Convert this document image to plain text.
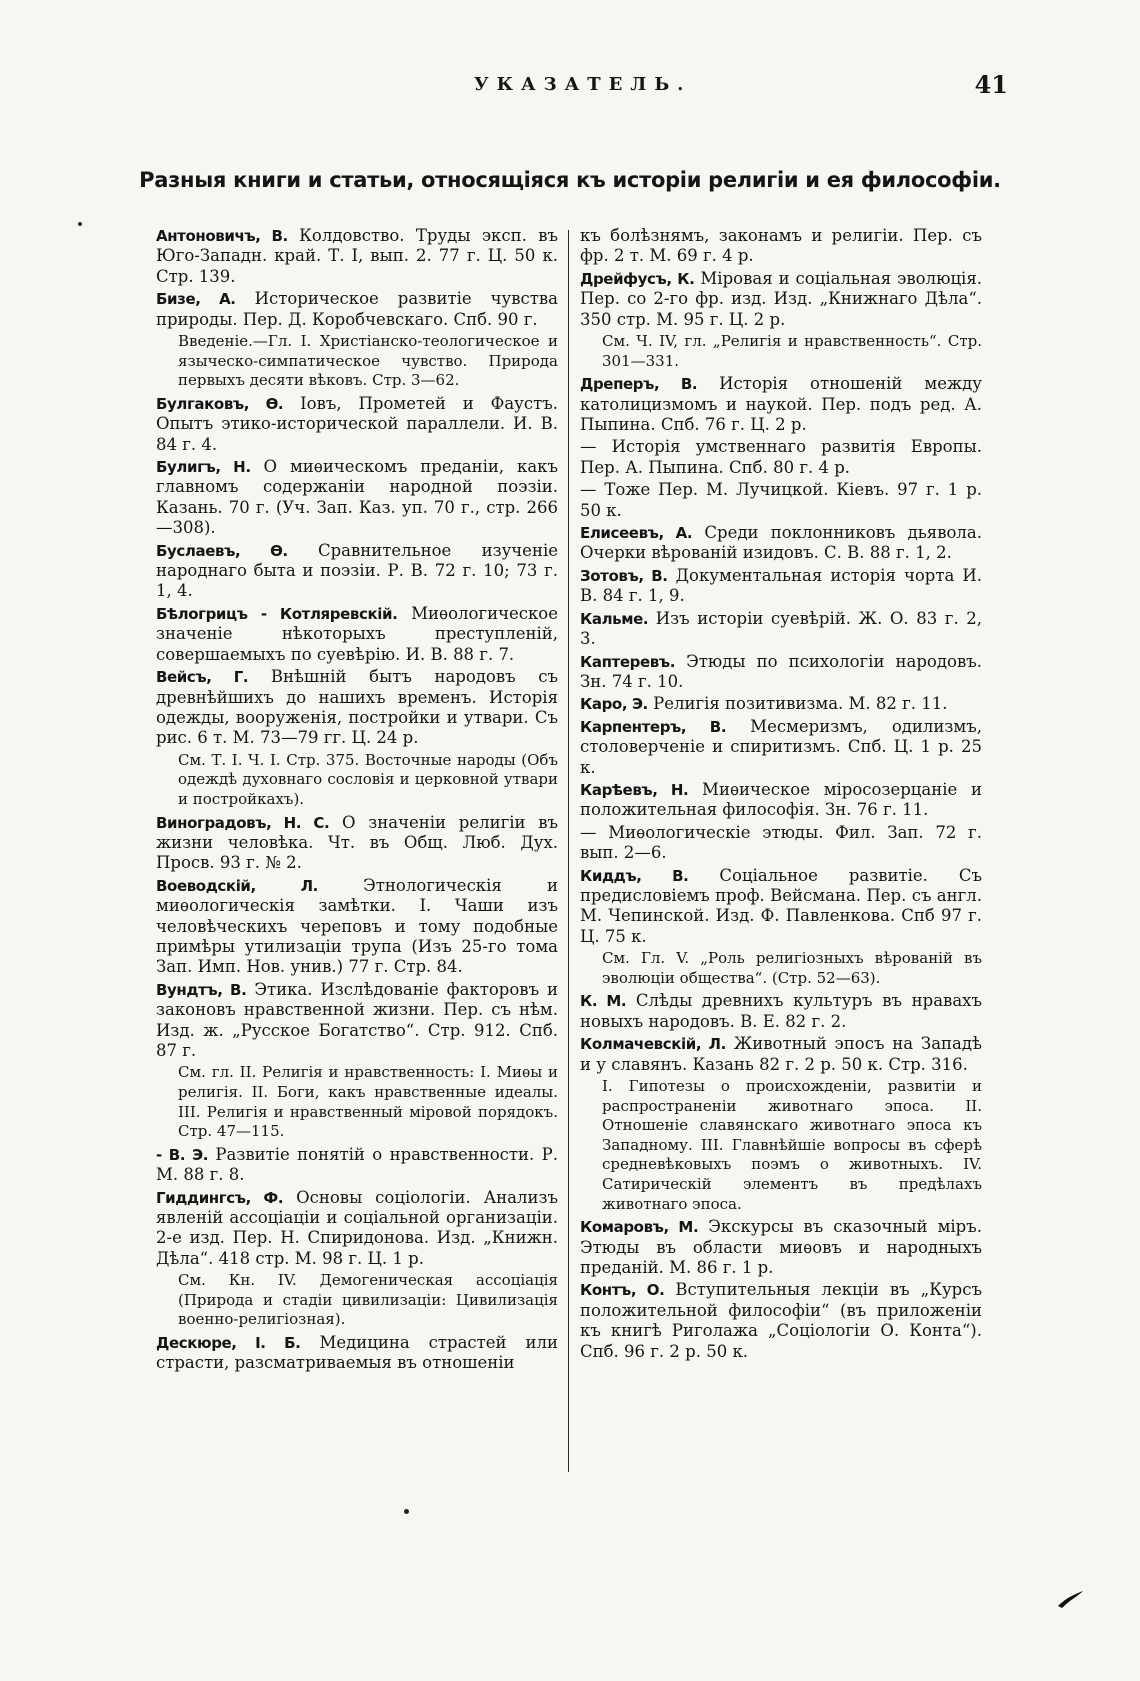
УКАЗАТЕЛЬ.	41
Разныя книги и статьи, относящіяся къ исторіи религіи и ея философіи.
Антоновичъ, В. Колдовство. Труды эксп. въ Юго-Западн. край. Т. I, вып. 2. 77 г. Ц. 50 к. Стр. 139.
Бизе, А. Историческое развитіе чувства природы. Пер. Д. Коробчевскаго. Спб. 90 г.
Введеніе.—Гл. I. Христіанско-теологическое и языческо-симпатическое чувство. Природа первыхъ десяти вѣковъ. Стр. 3—62.
Булгаковъ, Ѳ. Іовъ, Прометей и Фаустъ. Опытъ этико-исторической параллели. И. В. 84 г. 4.
Булигъ, Н. О миѳическомъ преданіи, какъ главномъ содержаніи народной поэзіи. Казань. 70 г. (Уч. Зап. Каз. уп. 70 г., стр. 266—308).
Буслаевъ, Ѳ. Сравнительное изученіе народнаго быта и поэзіи. Р. В. 72 г. 10; 73 г. 1, 4.
Бѣлогрицъ - Котляревскій. Миѳологическое значеніе нѣкоторыхъ преступленій, совершаемыхъ по суевѣрію. И. В. 88 г. 7.
Вейсъ, Г. Внѣшній бытъ народовъ съ древнѣйшихъ до нашихъ временъ. Исторія одежды, вооруженія, постройки и утвари. Съ рис. 6 т. М. 73—79 гг. Ц. 24 р.
См. Т. I. Ч. I. Стр. 375. Восточные народы (Объ одеждѣ духовнаго сословія и церковной утвари и постройкахъ).
Виноградовъ, Н. С. О значеніи религіи въ жизни человѣка. Чт. въ Общ. Люб. Дух. Просв. 93 г. № 2.
Воеводскій, Л. Этнологическія и миѳологическія замѣтки. I. Чаши изъ человѣческихъ череповъ и тому подобные примѣры утилизаціи трупа (Изъ 25-го тома Зап. Имп. Нов. унив.) 77 г. Стр. 84.
Вундтъ, В. Этика. Изслѣдованіе факторовъ и законовъ нравственной жизни. Пер. съ нѣм. Изд. ж. „Русское Богатство“. Стр. 912. Спб. 87 г.
См. гл. II. Религія и нравственность: I. Миѳы и религія. II. Боги, какъ нравственные идеалы. III. Религія и нравственный міровой порядокъ. Стр. 47—115.
- В. Э. Развитіе понятій о нравственности. Р. М. 88 г. 8.
Гиддингсъ, Ф. Основы соціологіи. Анализъ явленій ассоціаціи и соціальной организаціи. 2-е изд. Пер. Н. Спиридонова. Изд. „Книжн. Дѣла“. 418 стр. М. 98 г. Ц. 1 р.
См. Кн. IV. Демогеническая ассоціація (Природа и стадіи цивилизаціи: Цивилизація военно-религіозная).
Дескюре, І. Б. Медицина страстей или страсти, разсматриваемыя въ отношеніи
къ болѣзнямъ, законамъ и религіи. Пер. съ фр. 2 т. М. 69 г. 4 р.
Дрейфусъ, К. Міровая и соціальная эволюція. Пер. со 2-го фр. изд. Изд. „Книжнаго Дѣла“. 350 стр. М. 95 г. Ц. 2 р.
См. Ч. IV, гл. „Религія и нравственность“. Стр. 301—331.
Дреперъ, В. Исторія отношеній между католицизмомъ и наукой. Пер. подъ ред. А. Пыпина. Спб. 76 г. Ц. 2 р.
— Исторія умственнаго развитія Европы. Пер. А. Пыпина. Спб. 80 г. 4 р.
— Тоже Пер. М. Лучицкой. Кіевъ. 97 г. 1 р. 50 к.
Елисеевъ, А. Среди поклонниковъ дьявола. Очерки вѣрованій изидовъ. С. В. 88 г. 1, 2.
Зотовъ, В. Документальная исторія чорта И. В. 84 г. 1, 9.
Кальме. Изъ исторіи суевѣрій. Ж. О. 83 г. 2, 3.
Каптеревъ. Этюды по психологіи народовъ. Зн. 74 г. 10.
Каро, Э. Религія позитивизма. М. 82 г. 11.
Карпентеръ, В. Месмеризмъ, одилизмъ, столоверченіе и спиритизмъ. Спб. Ц. 1 р. 25 к.
Карѣевъ, Н. Миѳическое міросозерцаніе и положительная философія. Зн. 76 г. 11.
— Миѳологическіе этюды. Фил. Зап. 72 г. вып. 2—6.
Киддъ, В. Соціальное развитіе. Съ предисловіемъ проф. Вейсмана. Пер. съ англ. М. Чепинской. Изд. Ф. Павленкова. Спб 97 г. Ц. 75 к.
См. Гл. V. „Роль религіозныхъ вѣрованій въ эволюціи общества“. (Стр. 52—63).
К. М. Слѣды древнихъ культуръ въ нравахъ новыхъ народовъ. В. Е. 82 г. 2.
Колмачевскій, Л. Животный эпосъ на Западѣ и у славянъ. Казань 82 г. 2 р. 50 к. Стр. 316.
I. Гипотезы о происхожденіи, развитіи и распространеніи животнаго эпоса. II. Отношеніе славянскаго животнаго эпоса къ Западному. III. Главнѣйшіе вопросы въ сферѣ средневѣковыхъ поэмъ о животныхъ. IV. Сатирическій элементъ въ предѣлахъ животнаго эпоса.
Комаровъ, М. Экскурсы въ сказочный міръ. Этюды въ области миѳовъ и народныхъ преданій. М. 86 г. 1 р.
Контъ, О. Вступительныя лекціи въ „Курсъ положительной философіи“ (въ приложеніи къ книгѣ Риголажа „Соціологіи О. Конта“). Спб. 96 г. 2 р. 50 к.
